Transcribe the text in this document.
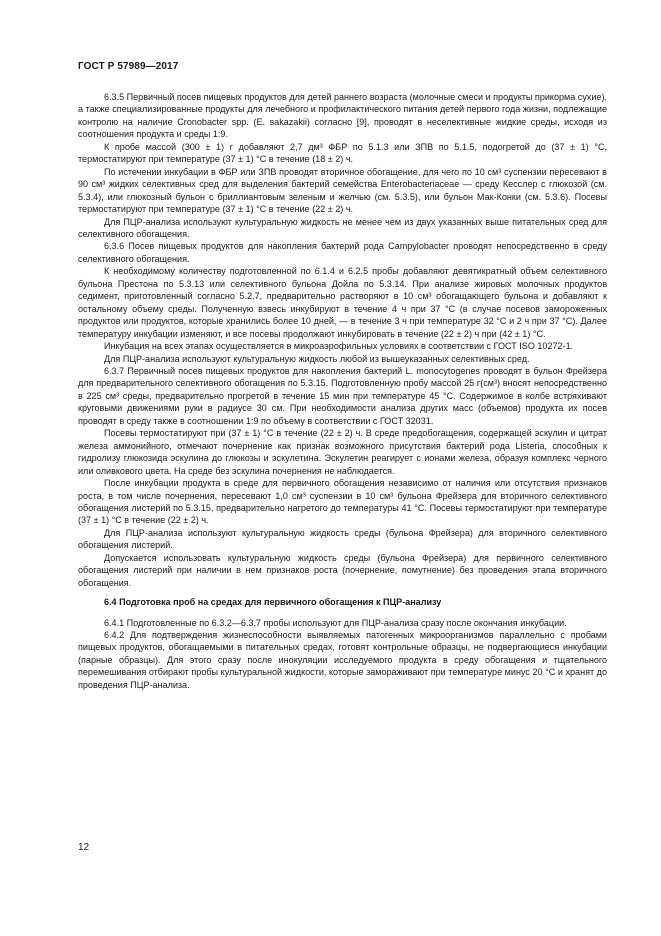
ГОСТ Р 57989—2017

6.3.5 Первичный посев пищевых продуктов для детей раннего возраста (молочные смеси и продукты прикорма сухие), а также специализированные продукты для лечебного и профилактического питания детей первого года жизни, подлежащие контролю на наличие Cronobacter spp. (E. sakazakii) согласно [9], проводят в неселективные жидкие среды, исходя из соотношения продукта и среды 1:9.

К пробе массой (300 ± 1) г добавляют 2,7 дм³ ФБР по 5.1.3 или ЗПВ по 5.1.5, подогретой до (37 ± 1) °С, термостатируют при температуре (37 ± 1) °С в течение (18 ± 2) ч.

По истечении инкубации в ФБР или ЗПВ проводят вторичное обогащение, для чего по 10 см³ суспензии пересевают в 90 см³ жидких селективных сред для выделения бактерий семейства Enterobacteriaceae — среду Кесслер с глюкозой (см. 5.3.4), или глюкозный бульон с бриллиантовым зеленым и желчью (см. 5.3.5), или бульон Мак-Конки (см. 5.3.6). Посевы термостатируют при температуре (37 ± 1) °С в течение (22 ± 2) ч.

Для ПЦР-анализа используют культуральную жидкость не менее чем из двух указанных выше питательных сред для селективного обогащения.

6.3.6 Посев пищевых продуктов для накопления бактерий рода Campylobacter проводят непосредственно в среду селективного обогащения.

К необходимому количеству подготовленной по 6.1.4 и 6.2.5 пробы добавляют девятикратный объем селективного бульона Престона по 5.3.13 или селективного бульона Дойла по 5.3.14. При анализе жировых молочных продуктов седимент, приготовленный согласно 5.2.7, предварительно растворяют в 10 см³ обогащающего бульона и добавляют к остальному объему среды. Полученную взвесь инкубируют в течение 4 ч при 37 °С (в случае посевов замороженных продуктов или продуктов, которые хранились более 10 дней, — в течение 3 ч при температуре 32 °С и 2 ч при 37 °С). Далее температуру инкубации изменяют, и все посевы продолжают инкубировать в течение (22 ± 2) ч при (42 ± 1) °С.

Инкубация на всех этапах осуществляется в микроаэрофильных условиях в соответствии с ГОСТ ISO 10272-1.

Для ПЦР-анализа используют культуральную жидкость любой из вышеуказанных селективных сред.

6.3.7 Первичный посев пищевых продуктов для накопления бактерий L. monocytogenes проводят в бульон Фрейзера для предварительного селективного обогащения по 5.3.15. Подготовленную пробу массой 25 г(см³) вносят непосредственно в 225 см³ среды, предварительно прогретой в течение 15 мин при температуре 45 °С. Содержимое в колбе встряхивают круговыми движениями руки в радиусе 30 см. При необходимости анализа других масс (объемов) продукта их посев проводят в среду также в соотношении 1:9 по объему в соответствии с ГОСТ 32031.

Посевы термостатируют при (37 ± 1) °С в течение (22 ± 2) ч. В среде предобогащения, содержащей эскулин и цитрат железа аммонийного, отмечают почернение как признак возможного присутствия бактерий рода Listeria, способных к гидролизу глюкозида эскулина до глюкозы и эскулетина. Эскулетин реагирует с ионами железа, образуя комплекс черного или оливкового цвета. На среде без эскулина почернения не наблюдается.

После инкубации продукта в среде для первичного обогащения независимо от наличия или отсутствия признаков роста, в том числе почернения, пересевают 1,0 см³ суспензии в 10 см³ бульона Фрейзера для вторичного селективного обогащения листерий по 5.3.15, предварительно нагретого до температуры 41 °С. Посевы термостатируют при температуре (37 ± 1) °С в течение (22 ± 2) ч.

Для ПЦР-анализа используют культуральную жидкость среды (бульона Фрейзера) для вторичного селективного обогащения листерий.

Допускается использовать культуральную жидкость среды (бульона Фрейзера) для первичного селективного обогащения листерий при наличии в нем признаков роста (почернение, помутнение) без проведения этапа вторичного обогащения.

6.4 Подготовка проб на средах для первичного обогащения к ПЦР-анализу

6.4.1 Подготовленные по 6.3.2—6.3.7 пробы используют для ПЦР-анализа сразу после окончания инкубации.

6.4.2 Для подтверждения жизнеспособности выявляемых патогенных микроорганизмов параллельно с пробами пищевых продуктов, обогащаемыми в питательных средах, готовят контрольные образцы, не подвергающиеся инкубации (парные образцы). Для этого сразу после инокуляции исследуемого продукта в среду обогащения и тщательного перемешивания отбирают пробы культуральной жидкости, которые замораживают при температуре минус 20 °С и хранят до проведения ПЦР-анализа.

12
